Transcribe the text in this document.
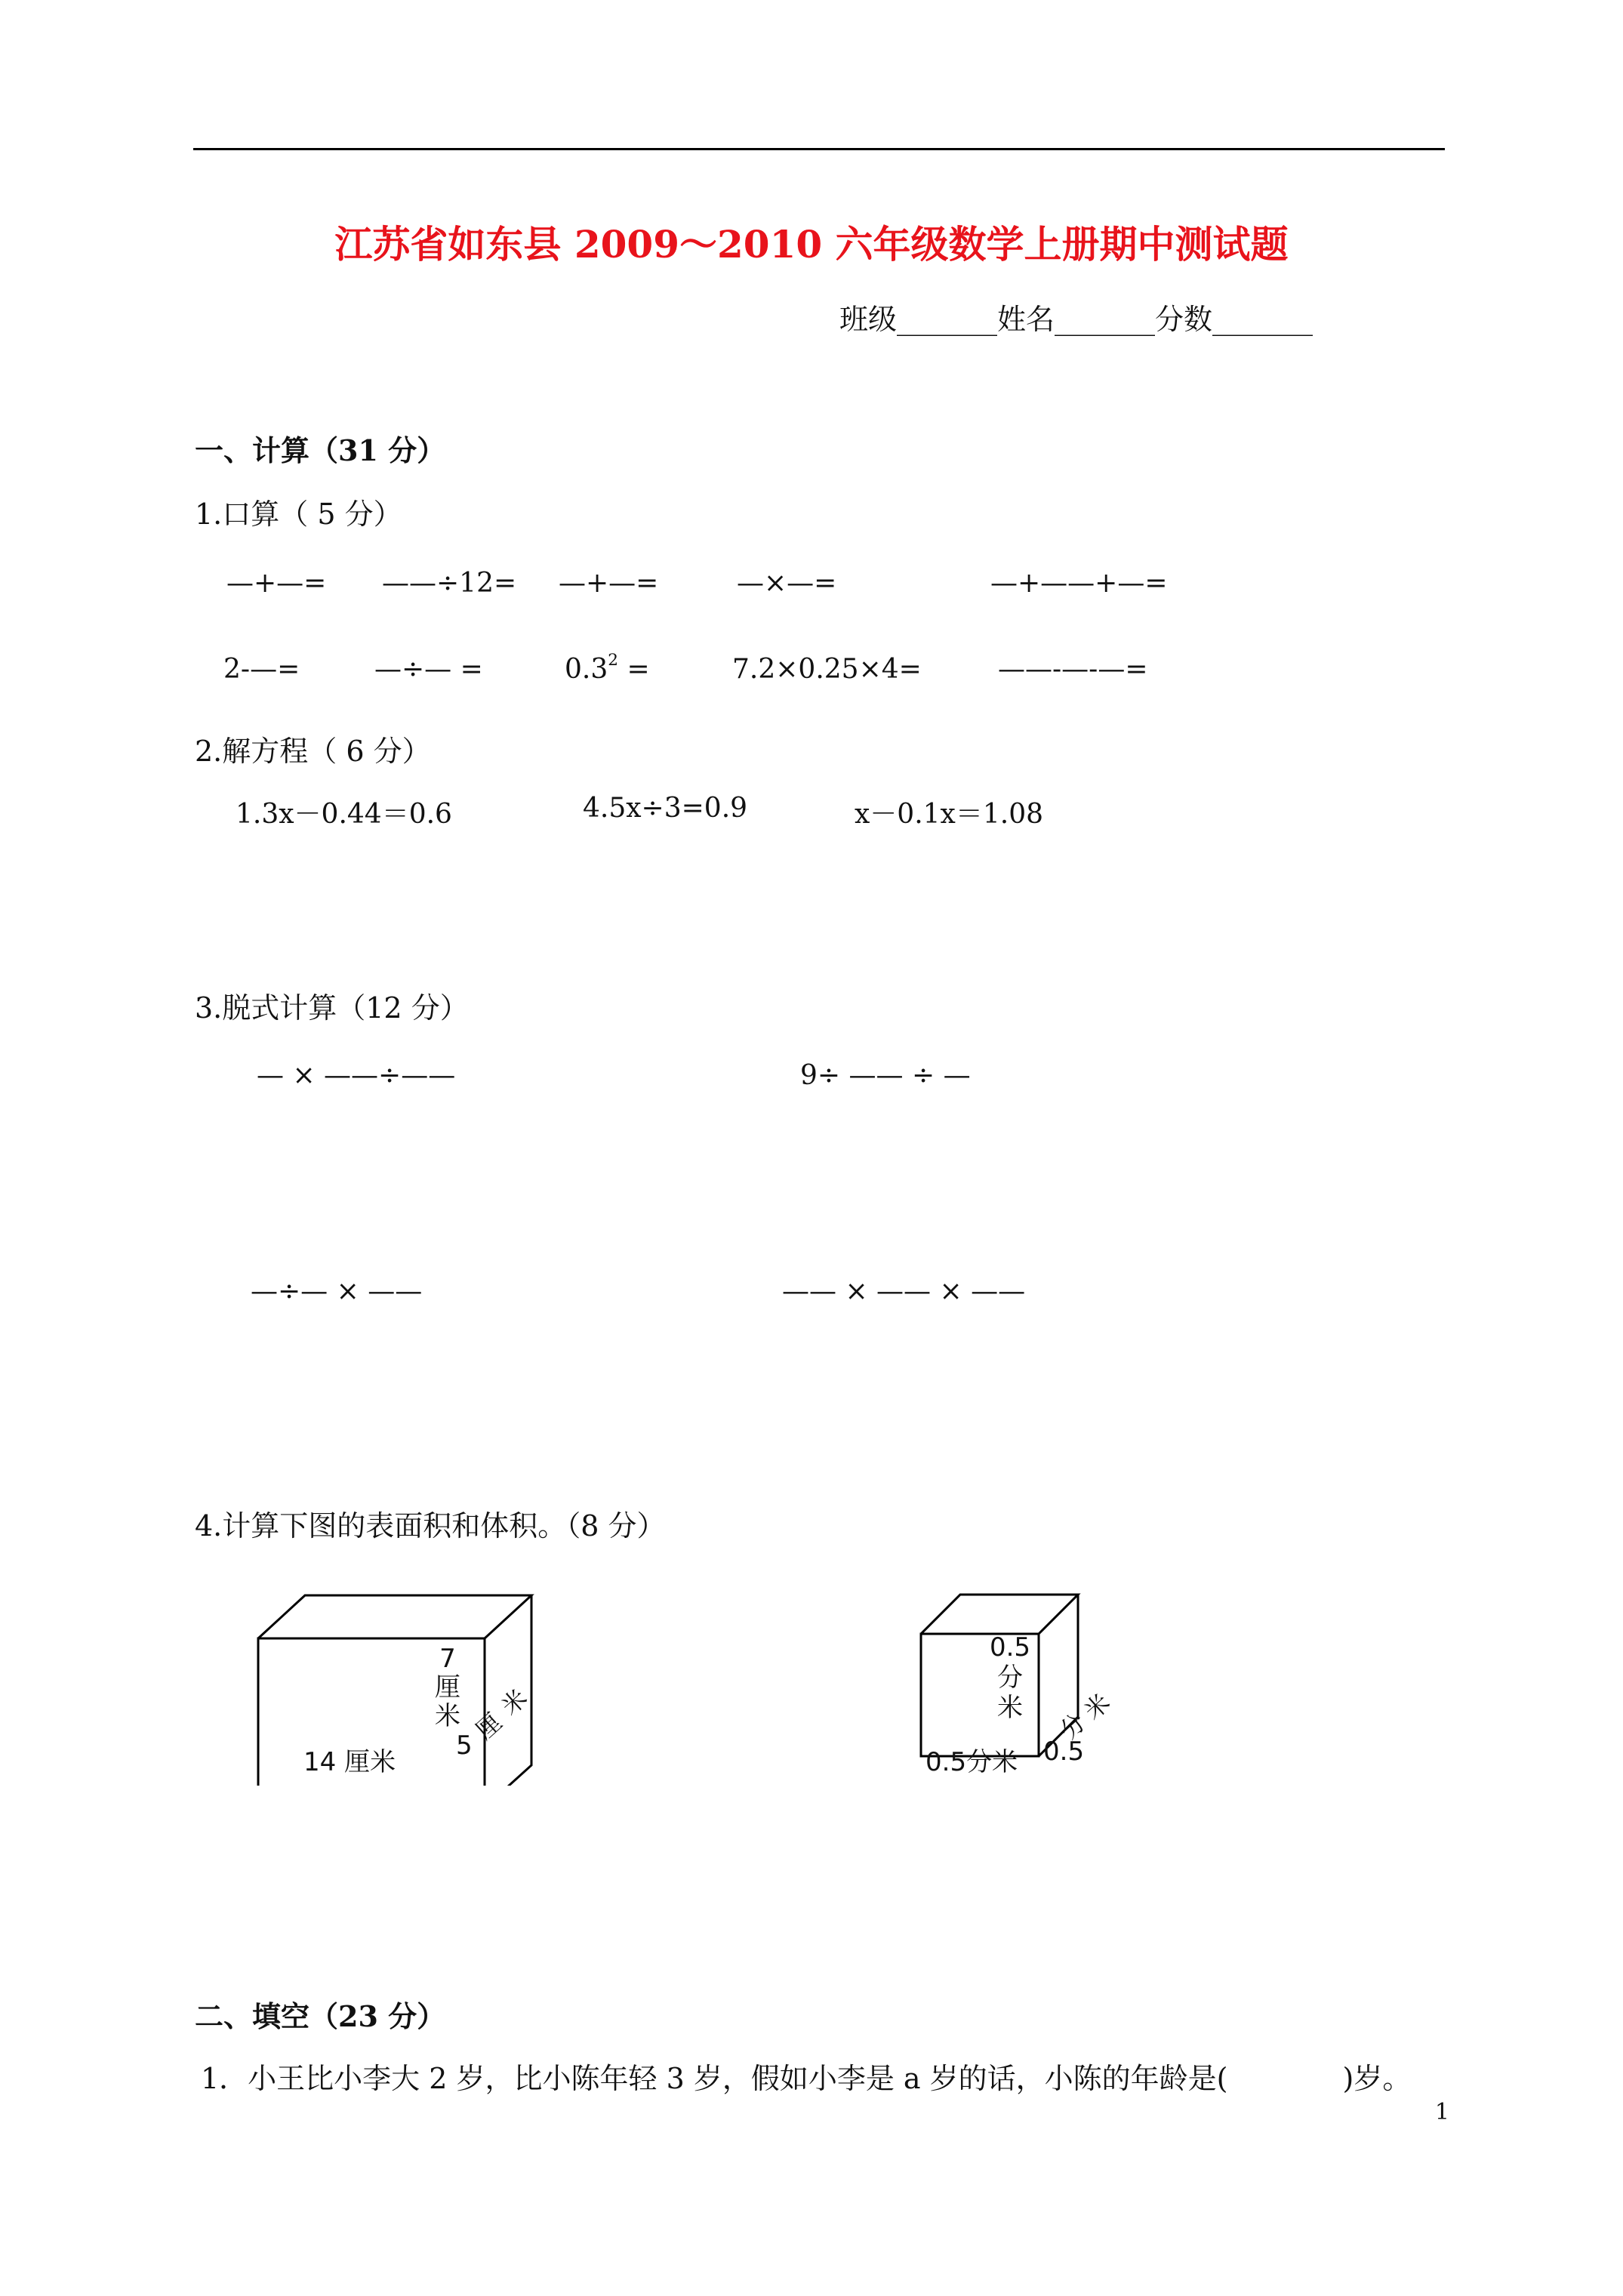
江苏省如东县 2009～2010 六年级数学上册期中测试题
班级_______姓名_______分数_______
一、计算（31 分）
1.口算（ 5 分）
—+—= ——÷12= —+—=	—×—=	—+——+—=
2-—=	—÷— =	$0.3^2$ =	7.2×0.25×4=	——-—-—=
2.解方程（ 6 分）
1.3x－0.44＝0.6	4.5x÷3=0.9	x－0.1x＝1.08
3.脱式计算（12 分）
— × ——÷——	9÷ —— ÷ —
—÷— × ——	—— × —— × ——
4.计算下图的表面积和体积。（8 分）
7
厘
米
14 厘米
5
厘
米
0.5
分
米
0.5分米 0.5
分
米
二、填空（23 分）
1．小王比小李大 2 岁，比小陈年轻 3 岁，假如小李是 a 岁的话，小陈的年龄是(　　　　)岁。
1
